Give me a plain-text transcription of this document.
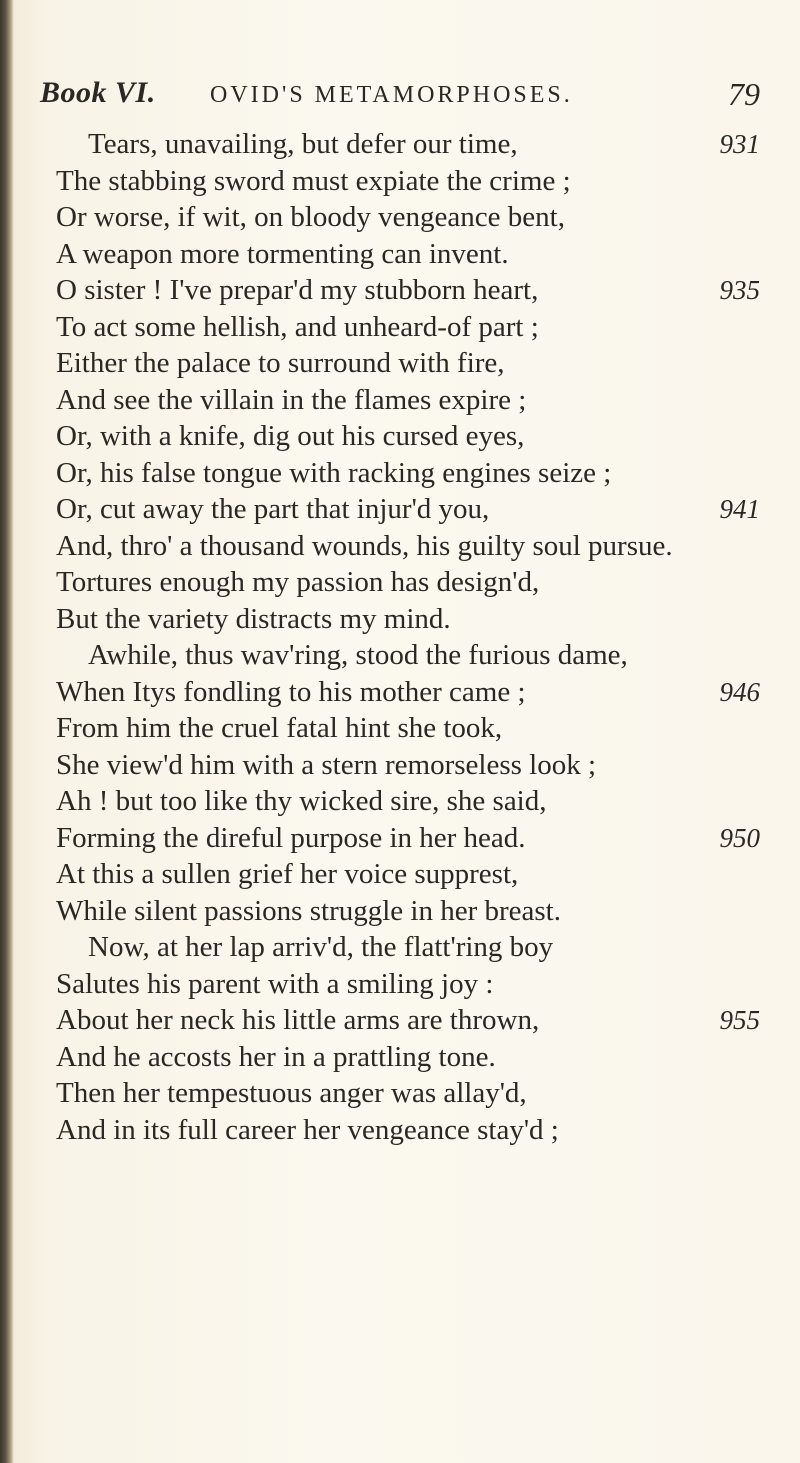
Book VI. OVID'S METAMORPHOSES.	79
Tears, unavailing, but defer our time,	931
The stabbing sword must expiate the crime ;
Or worse, if wit, on bloody vengeance bent,
A weapon more tormenting can invent.
O sister ! I've prepar'd my stubborn heart,	935
To act some hellish, and unheard-of part ;
Either the palace to surround with fire,
And see the villain in the flames expire ;
Or, with a knife, dig out his cursed eyes,
Or, his false tongue with racking engines seize ;
Or, cut away the part that injur'd you,	941
And, thro' a thousand wounds, his guilty soul pursue.
Tortures enough my passion has design'd,
But the variety distracts my mind.
Awhile, thus wav'ring, stood the furious dame,
When Itys fondling to his mother came ;	946
From him the cruel fatal hint she took,
She view'd him with a stern remorseless look ;
Ah ! but too like thy wicked sire, she said,
Forming the direful purpose in her head.	950
At this a sullen grief her voice supprest,
While silent passions struggle in her breast.
Now, at her lap arriv'd, the flatt'ring boy
Salutes his parent with a smiling joy :
About her neck his little arms are thrown,	955
And he accosts her in a prattling tone.
Then her tempestuous anger was allay'd,
And in its full career her vengeance stay'd ;
